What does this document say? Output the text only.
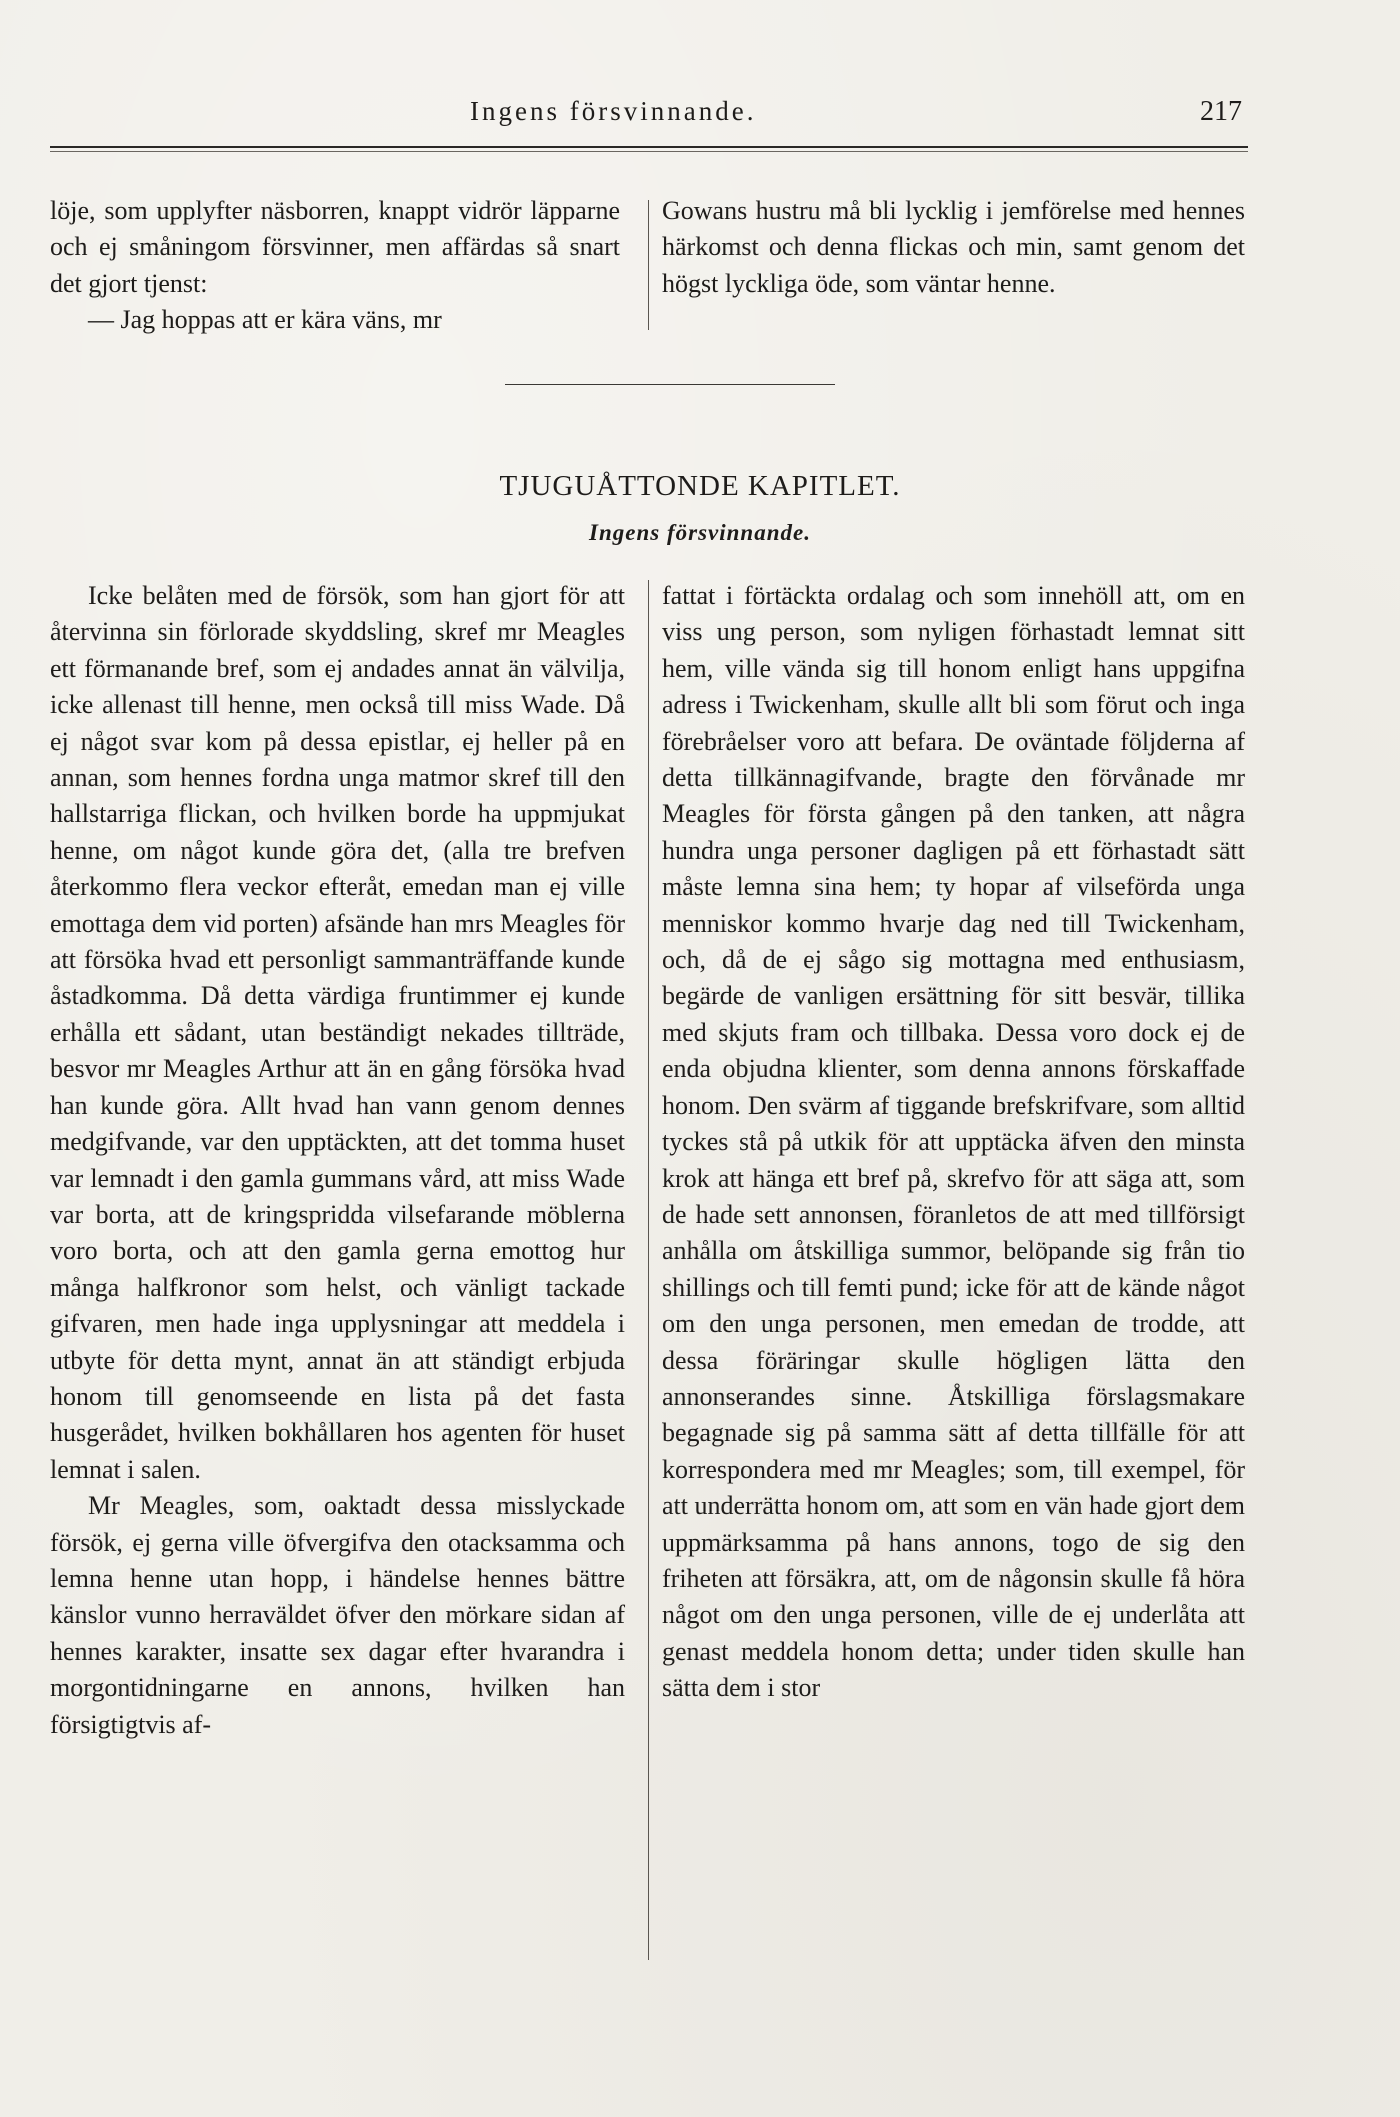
Ingens försvinnande.	217

löje, som upplyfter näsborren, knappt vidrör läpparne och ej småningom försvinner, men affärdas så snart det gjort tjenst:

— Jag hoppas att er kära väns, mr

Gowans hustru må bli lycklig i jemförelse med hennes härkomst och denna flickas och min, samt genom det högst lyckliga öde, som väntar henne.

TJUGUÅTTONDE KAPITLET.
Ingens försvinnande.

Icke belåten med de försök, som han gjort för att återvinna sin förlorade skyddsling, skref mr Meagles ett förmanande bref, som ej andades annat än välvilja, icke allenast till henne, men också till miss Wade. Då ej något svar kom på dessa epistlar, ej heller på en annan, som hennes fordna unga matmor skref till den hallstarriga flickan, och hvilken borde ha uppmjukat henne, om något kunde göra det, (alla tre brefven återkommo flera veckor efteråt, emedan man ej ville emottaga dem vid porten) afsände han mrs Meagles för att försöka hvad ett personligt sammanträffande kunde åstadkomma. Då detta värdiga fruntimmer ej kunde erhålla ett sådant, utan beständigt nekades tillträde, besvor mr Meagles Arthur att än en gång försöka hvad han kunde göra. Allt hvad han vann genom dennes medgifvande, var den upptäckten, att det tomma huset var lemnadt i den gamla gummans vård, att miss Wade var borta, att de kringspridda vilsefarande möblerna voro borta, och att den gamla gerna emottog hur många halfkronor som helst, och vänligt tackade gifvaren, men hade inga upplysningar att meddela i utbyte för detta mynt, annat än att ständigt erbjuda honom till genomseende en lista på det fasta husgerådet, hvilken bokhållaren hos agenten för huset lemnat i salen.

Mr Meagles, som, oaktadt dessa misslyckade försök, ej gerna ville öfvergifva den otacksamma och lemna henne utan hopp, i händelse hennes bättre känslor vunno herraväldet öfver den mörkare sidan af hennes karakter, insatte sex dagar efter hvarandra i morgontidningarne en annons, hvilken han försigtigtvis af-

fattat i förtäckta ordalag och som innehöll att, om en viss ung person, som nyligen förhastadt lemnat sitt hem, ville vända sig till honom enligt hans uppgifna adress i Twickenham, skulle allt bli som förut och inga förebråelser voro att befara. De oväntade följderna af detta tillkännagifvande, bragte den förvånade mr Meagles för första gången på den tanken, att några hundra unga personer dagligen på ett förhastadt sätt måste lemna sina hem; ty hopar af vilseförda unga menniskor kommo hvarje dag ned till Twickenham, och, då de ej sågo sig mottagna med enthusiasm, begärde de vanligen ersättning för sitt besvär, tillika med skjuts fram och tillbaka. Dessa voro dock ej de enda objudna klienter, som denna annons förskaffade honom. Den svärm af tiggande brefskrifvare, som alltid tyckes stå på utkik för att upptäcka äfven den minsta krok att hänga ett bref på, skrefvo för att säga att, som de hade sett annonsen, föranletos de att med tillförsigt anhålla om åtskilliga summor, belöpande sig från tio shillings och till femti pund; icke för att de kände något om den unga personen, men emedan de trodde, att dessa föräringar skulle högligen lätta den annonserandes sinne. Åtskilliga förslagsmakare begagnade sig på samma sätt af detta tillfälle för att korrespondera med mr Meagles; som, till exempel, för att underrätta honom om, att som en vän hade gjort dem uppmärksamma på hans annons, togo de sig den friheten att försäkra, att, om de någonsin skulle få höra något om den unga personen, ville de ej underlåta att genast meddela honom detta; under tiden skulle han sätta dem i stor
